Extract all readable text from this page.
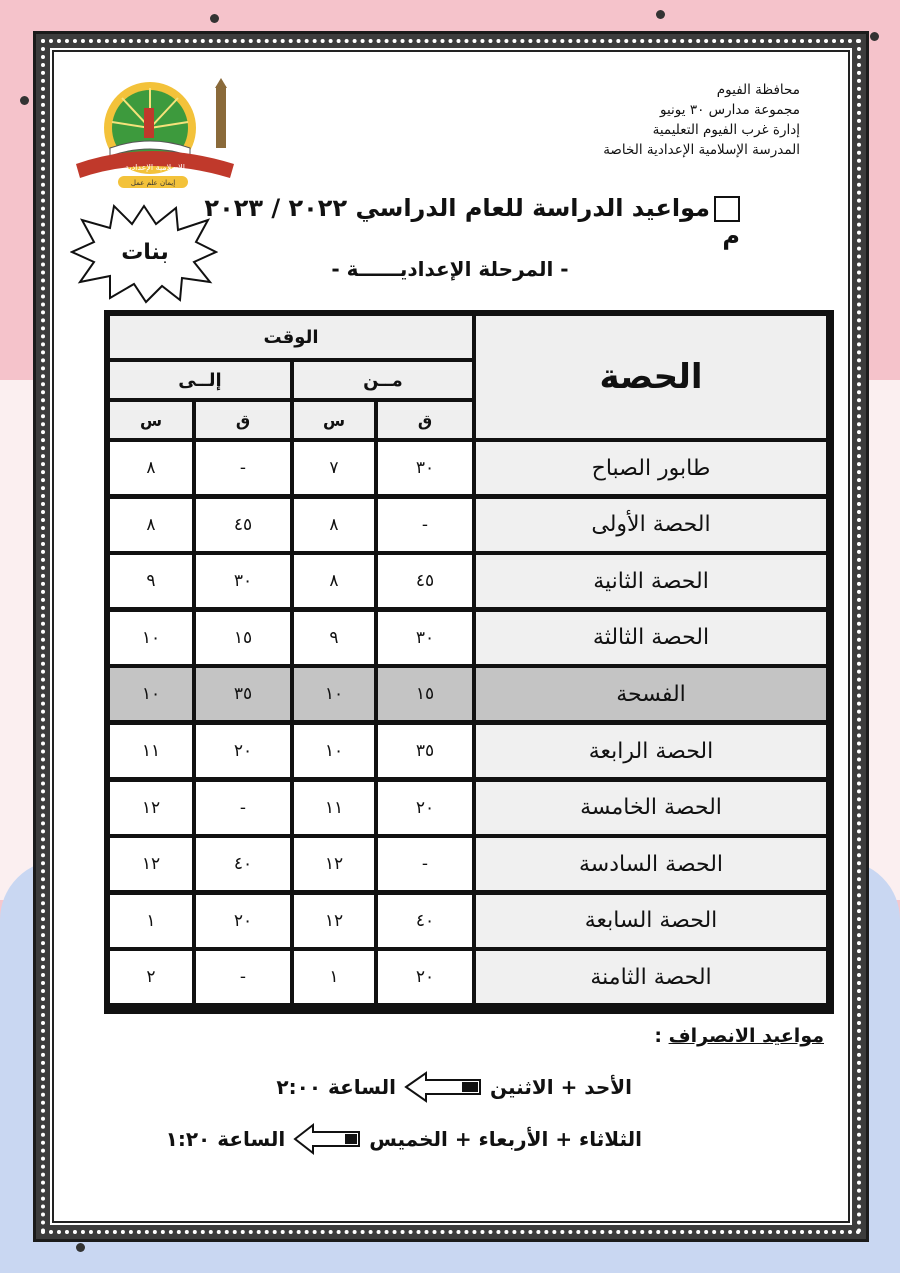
محافظة الفيوم
مجموعة مدارس ٣٠ يونيو
إدارة غرب الفيوم التعليمية
المدرسة الإسلامية الإعدادية الخاصة
الإسلامية الإعدادية
إيمان علم عمل
مواعيد الدراسة للعام الدراسي ٢٠٢٢ / ٢٠٢٣ م
- المرحلة الإعداديــــــة -
بنات
الحصة
الوقت
مــن
إلــى
ق
س
ق
س
طابور الصباح
٣٠
٧
-
٨
الحصة الأولى
-
٨
٤٥
٨
الحصة الثانية
٤٥
٨
٣٠
٩
الحصة الثالثة
٣٠
٩
١٥
١٠
الفسحة
١٥
١٠
٣٥
١٠
الحصة الرابعة
٣٥
١٠
٢٠
١١
الحصة الخامسة
٢٠
١١
-
١٢
الحصة السادسة
-
١٢
٤٠
١٢
الحصة السابعة
٤٠
١٢
٢٠
١
الحصة الثامنة
٢٠
١
-
٢
مواعيد الانصراف :
الأحد + الاثنين
الساعة ٢:٠٠
الثلاثاء + الأربعاء + الخميس
الساعة ١:٢٠
